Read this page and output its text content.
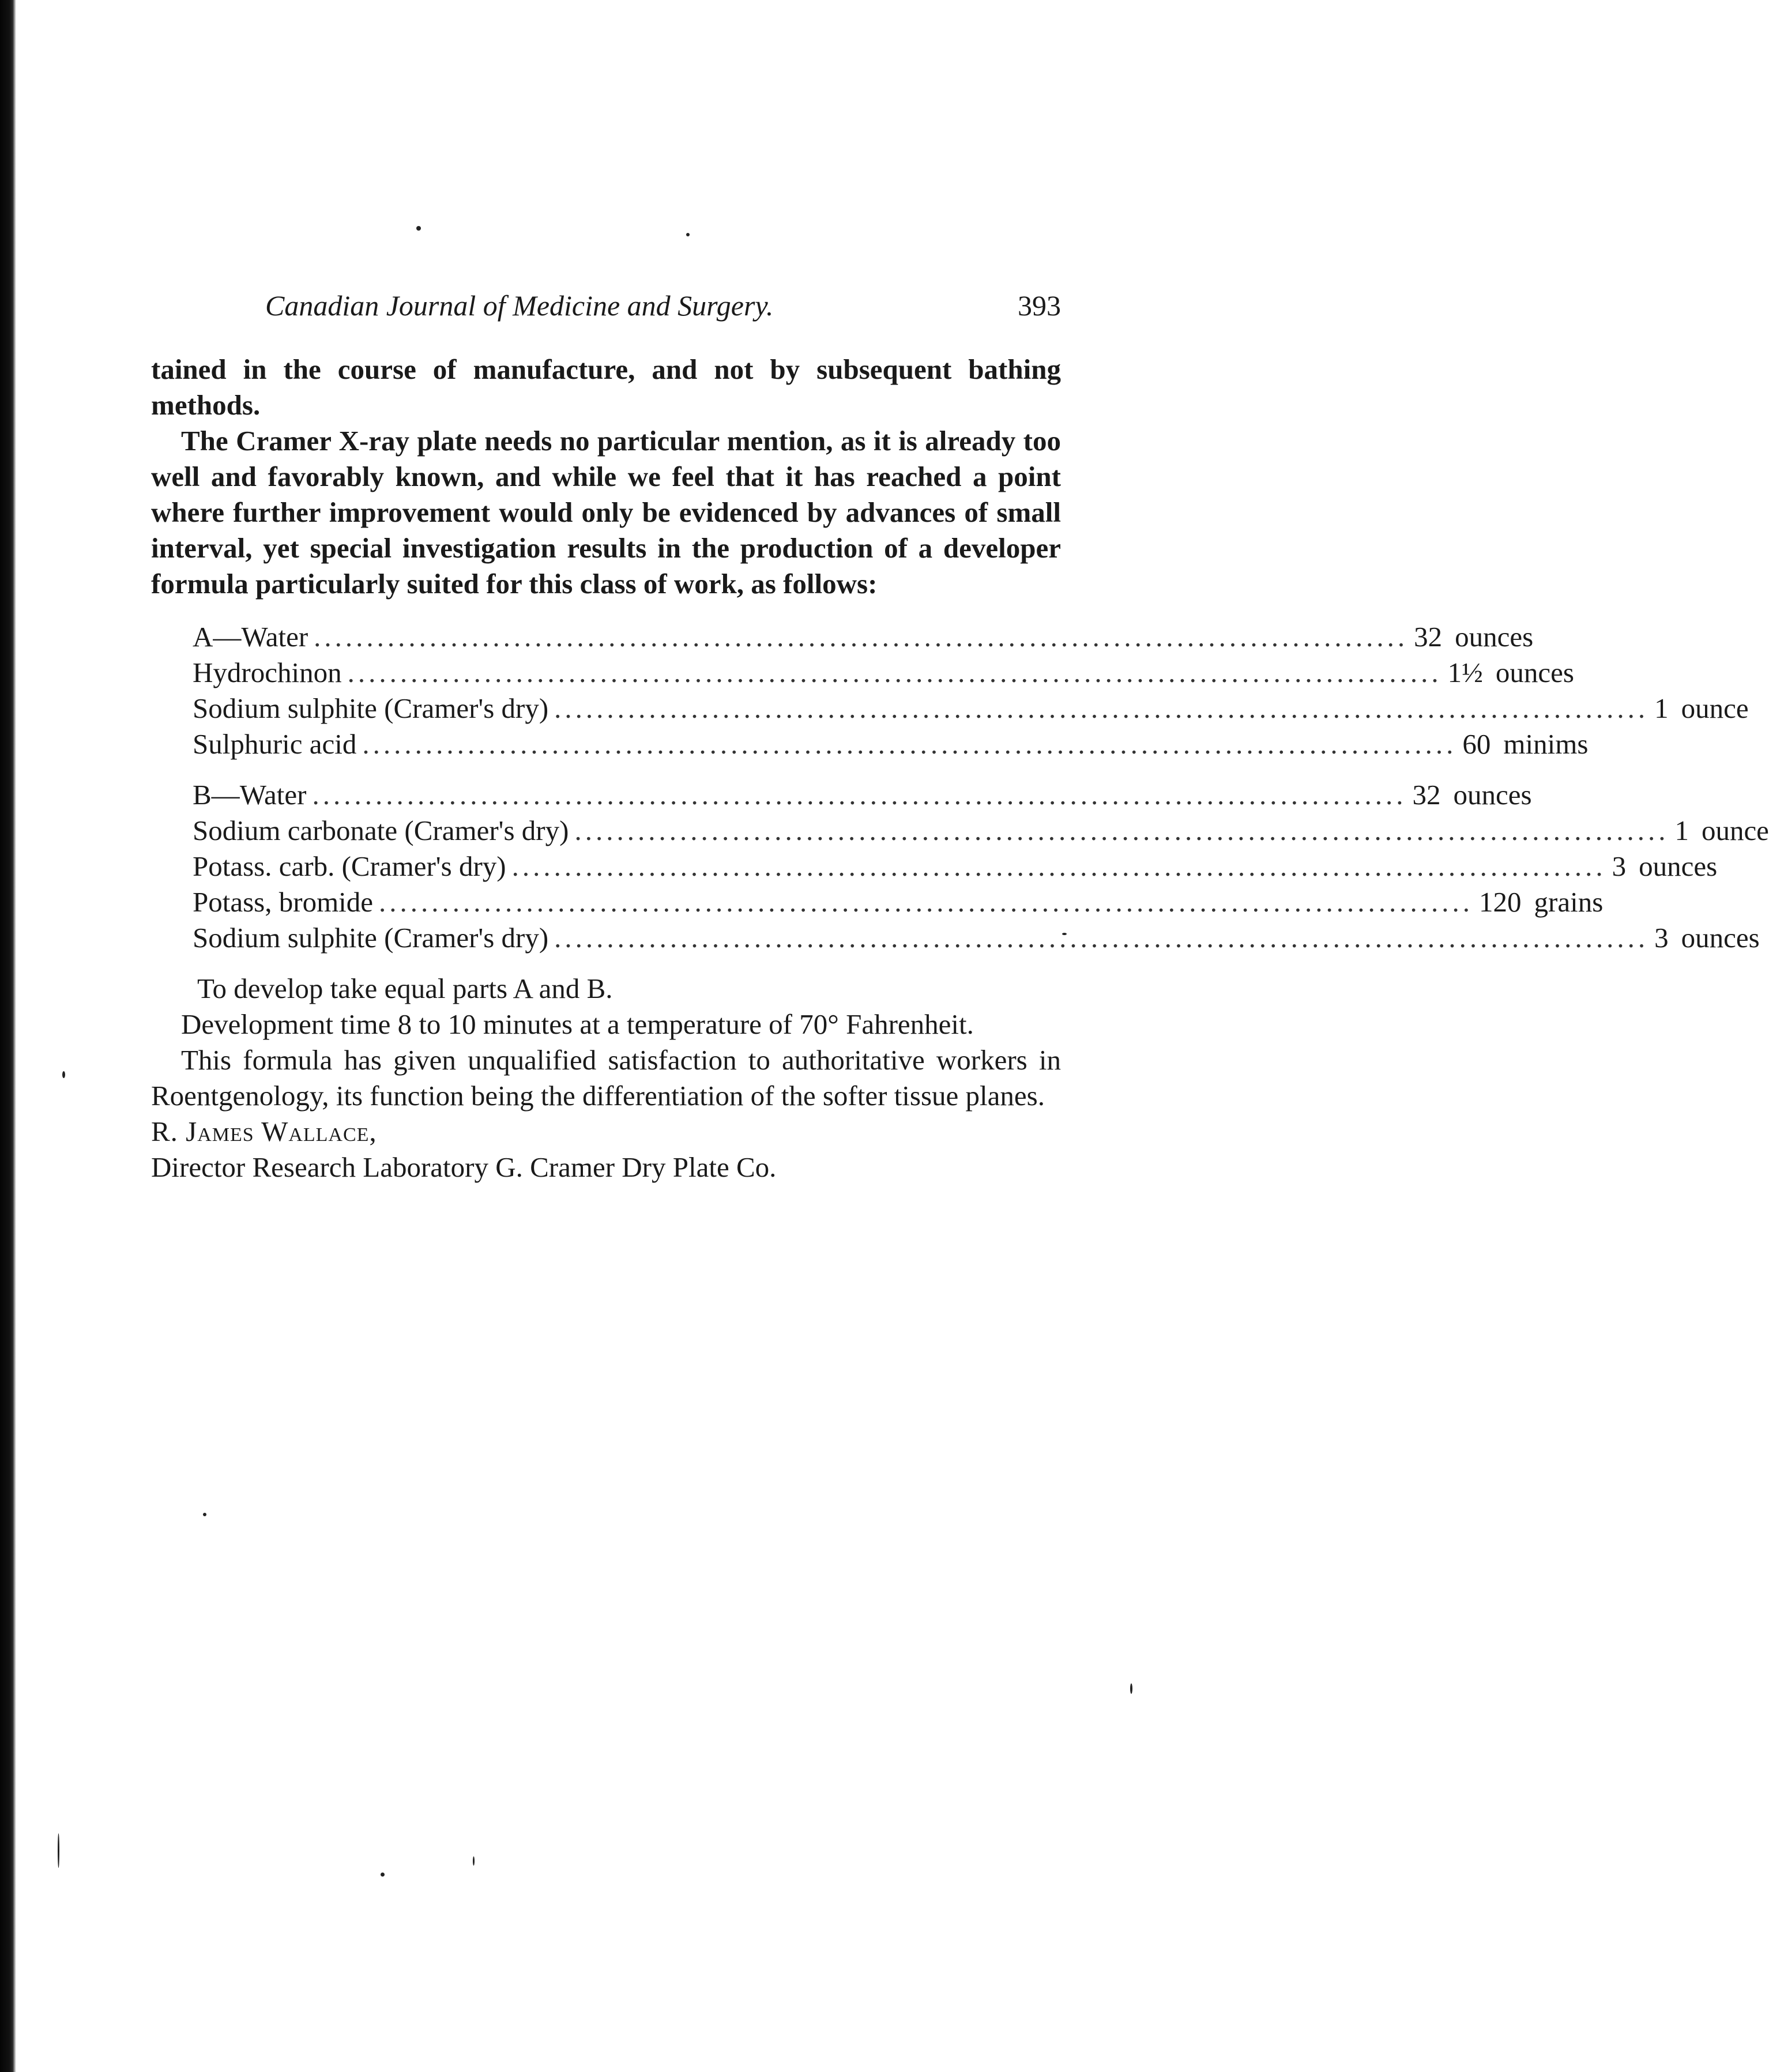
Canadian Journal of Medicine and Surgery.	393

tained in the course of manufacture, and not by subsequent bathing methods.

The Cramer X-ray plate needs no particular mention, as it is already too well and favorably known, and while we feel that it has reached a point where further improvement would only be evidenced by advances of small interval, yet special investigation results in the production of a developer formula particularly suited for this class of work, as follows:

A— Water ........................................................................................................ 32 ounces
Hydrochinon ........................................................................................................ 1½ ounces
Sodium sulphite (Cramer's dry) ........................................................................................................ 1 ounce
Sulphuric acid ........................................................................................................ 60 minims
B— Water ........................................................................................................ 32 ounces
Sodium carbonate (Cramer's dry) ........................................................................................................ 1 ounce
Potass. carb. (Cramer's dry) ........................................................................................................ 3 ounces
Potass, bromide ........................................................................................................ 120 grains
Sodium sulphite (Cramer's dry) ........................................................................................................ 3 ounces

To develop take equal parts A and B.

Development time 8 to 10 minutes at a temperature of 70° Fahrenheit.

This formula has given unqualified satisfaction to authoritative workers in Roentgenology, its function being the differentiation of the softer tissue planes.

R. James Wallace,

Director Research Laboratory G. Cramer Dry Plate Co.
